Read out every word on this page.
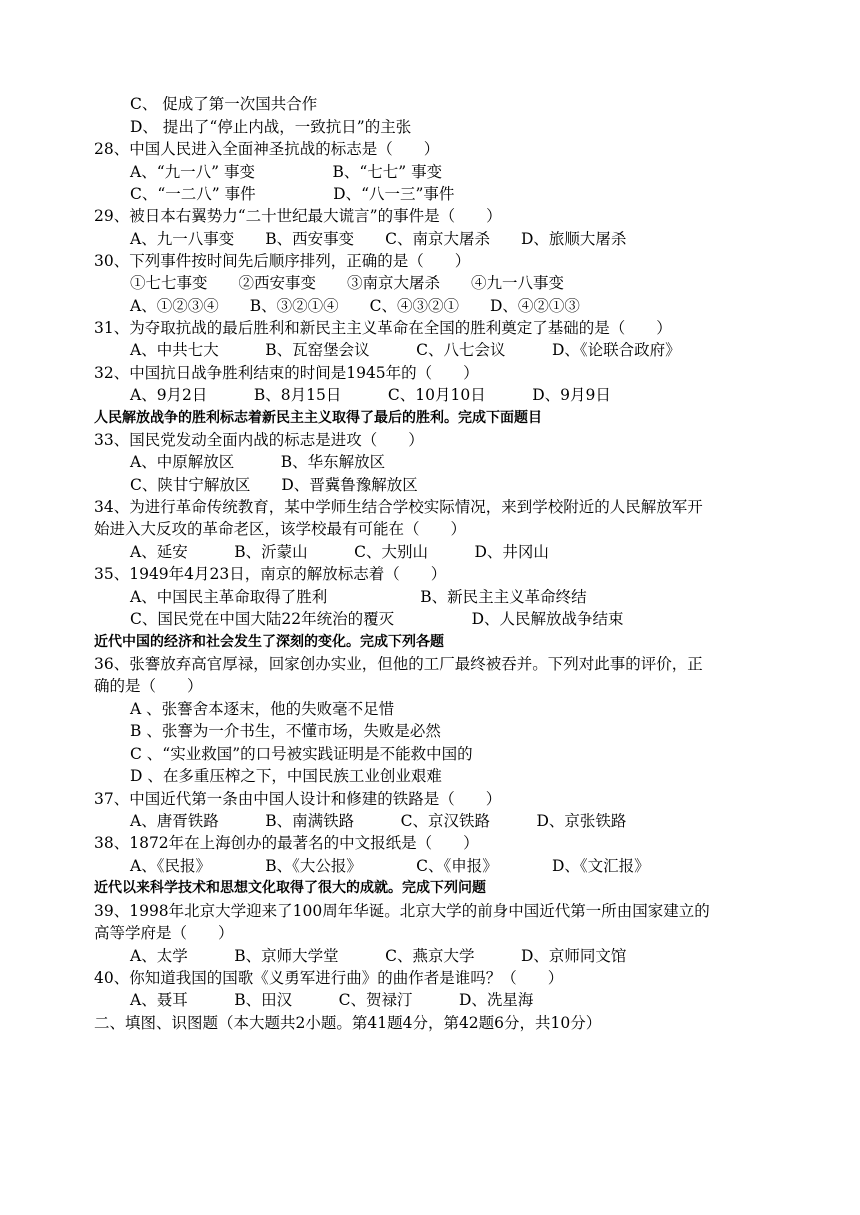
C、 促成了第一次国共合作
D、 提出了“停止内战，一致抗日”的主张
28、中国人民进入全面神圣抗战的标志是（　　）
A、“九一八” 事变　　　　　B、“七七” 事变
C、“一二八” 事件　　　　　D、“八一三”事件
29、被日本右翼势力“二十世纪最大谎言”的事件是（　　）
A、九一八事变　　B、西安事变　　C、南京大屠杀　　D、旅顺大屠杀
30、下列事件按时间先后顺序排列，正确的是（　　）
①七七事变　　②西安事变　　③南京大屠杀　　④九一八事变
A、①②③④　　B、③②①④　　C、④③②①　　D、④②①③
31、为夺取抗战的最后胜利和新民主主义革命在全国的胜利奠定了基础的是（　　）
A、中共七大　　　B、瓦窑堡会议　　　C、八七会议　　　D、《论联合政府》
32、中国抗日战争胜利结束的时间是1945年的（　　）
A、9月2日　　　B、8月15日　　　C、10月10日　　　D、9月9日
人民解放战争的胜利标志着新民主主义取得了最后的胜利。完成下面题目
33、国民党发动全面内战的标志是进攻（　　）
A、中原解放区　　　B、华东解放区
C、陕甘宁解放区　　D、晋冀鲁豫解放区
34、为进行革命传统教育，某中学师生结合学校实际情况，来到学校附近的人民解放军开
始进入大反攻的革命老区，该学校最有可能在（　　）
A、延安　　　B、沂蒙山　　　C、大别山　　　D、井冈山
35、1949年4月23日，南京的解放标志着（　　）
A、中国民主革命取得了胜利　　　　　　B、新民主主义革命终结
C、国民党在中国大陆22年统治的覆灭　　　　　D、人民解放战争结束
近代中国的经济和社会发生了深刻的变化。完成下列各题
36、张謇放弃高官厚禄，回家创办实业，但他的工厂最终被吞并。下列对此事的评价，正
确的是（　　）
A 、张謇舍本逐末，他的失败毫不足惜
B 、张謇为一介书生，不懂市场，失败是必然
C 、“实业救国”的口号被实践证明是不能救中国的
D 、在多重压榨之下，中国民族工业创业艰难
37、中国近代第一条由中国人设计和修建的铁路是（　　）
A、唐胥铁路　　　B、南满铁路　　　C、京汉铁路　　　D、京张铁路
38、1872年在上海创办的最著名的中文报纸是（　　）
A、《民报》　　　　B、《大公报》　　　　C、《申报》　　　　D、《文汇报》
近代以来科学技术和思想文化取得了很大的成就。完成下列问题
39、1998年北京大学迎来了100周年华诞。北京大学的前身中国近代第一所由国家建立的
高等学府是（　　）
A、太学　　　B、京师大学堂　　　C、燕京大学　　　D、京师同文馆
40、你知道我国的国歌《义勇军进行曲》的曲作者是谁吗？（　　）
A、聂耳　　　B、田汉　　　C、贺禄汀　　　D、冼星海
二、填图、识图题（本大题共2小题。第41题4分，第42题6分，共10分）
